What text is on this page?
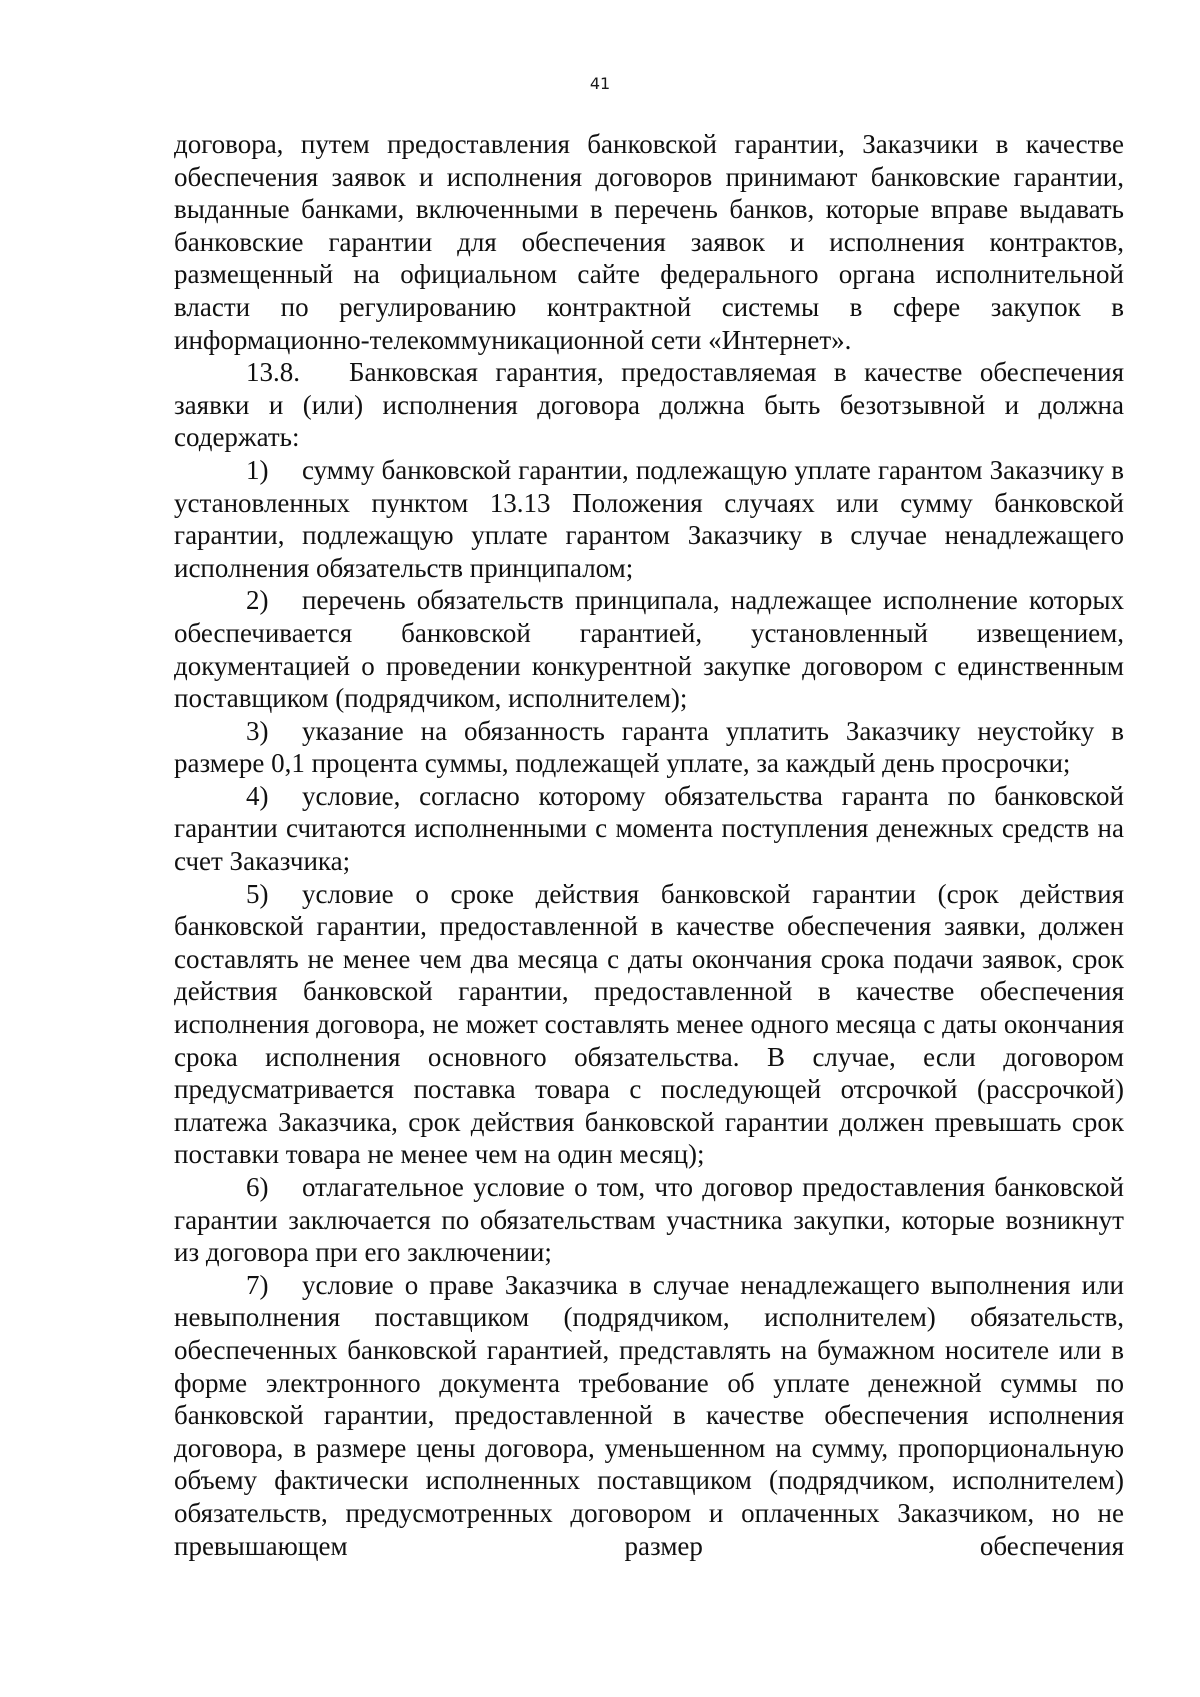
41

договора, путем предоставления банковской гарантии, Заказчики в качестве обеспечения заявок и исполнения договоров принимают банковские гарантии, выданные банками, включенными в перечень банков, которые вправе выдавать банковские гарантии для обеспечения заявок и исполнения контрактов, размещенный на официальном сайте федерального органа исполнительной власти по регулированию контрактной системы в сфере закупок в информационно-телекоммуникационной сети «Интернет».

13.8. Банковская гарантия, предоставляемая в качестве обеспечения заявки и (или) исполнения договора должна быть безотзывной и должна содержать:

1) сумму банковской гарантии, подлежащую уплате гарантом Заказчику в установленных пунктом 13.13 Положения случаях или сумму банковской гарантии, подлежащую уплате гарантом Заказчику в случае ненадлежащего исполнения обязательств принципалом;

2) перечень обязательств принципала, надлежащее исполнение которых обеспечивается банковской гарантией, установленный извещением, документацией о проведении конкурентной закупке договором с единственным поставщиком (подрядчиком, исполнителем);

3) указание на обязанность гаранта уплатить Заказчику неустойку в размере 0,1 процента суммы, подлежащей уплате, за каждый день просрочки;

4) условие, согласно которому обязательства гаранта по банковской гарантии считаются исполненными с момента поступления денежных средств на счет Заказчика;

5) условие о сроке действия банковской гарантии (срок действия банковской гарантии, предоставленной в качестве обеспечения заявки, должен составлять не менее чем два месяца с даты окончания срока подачи заявок, срок действия банковской гарантии, предоставленной в качестве обеспечения исполнения договора, не может составлять менее одного месяца с даты окончания срока исполнения основного обязательства. В случае, если договором предусматривается поставка товара с последующей отсрочкой (рассрочкой) платежа Заказчика, срок действия банковской гарантии должен превышать срок поставки товара не менее чем на один месяц);

6) отлагательное условие о том, что договор предоставления банковской гарантии заключается по обязательствам участника закупки, которые возникнут из договора при его заключении;

7) условие о праве Заказчика в случае ненадлежащего выполнения или невыполнения поставщиком (подрядчиком, исполнителем) обязательств, обеспеченных банковской гарантией, представлять на бумажном носителе или в форме электронного документа требование об уплате денежной суммы по банковской гарантии, предоставленной в качестве обеспечения исполнения договора, в размере цены договора, уменьшенном на сумму, пропорциональную объему фактически исполненных поставщиком (подрядчиком, исполнителем) обязательств, предусмотренных договором и оплаченных Заказчиком, но не превышающем размер обеспечения
